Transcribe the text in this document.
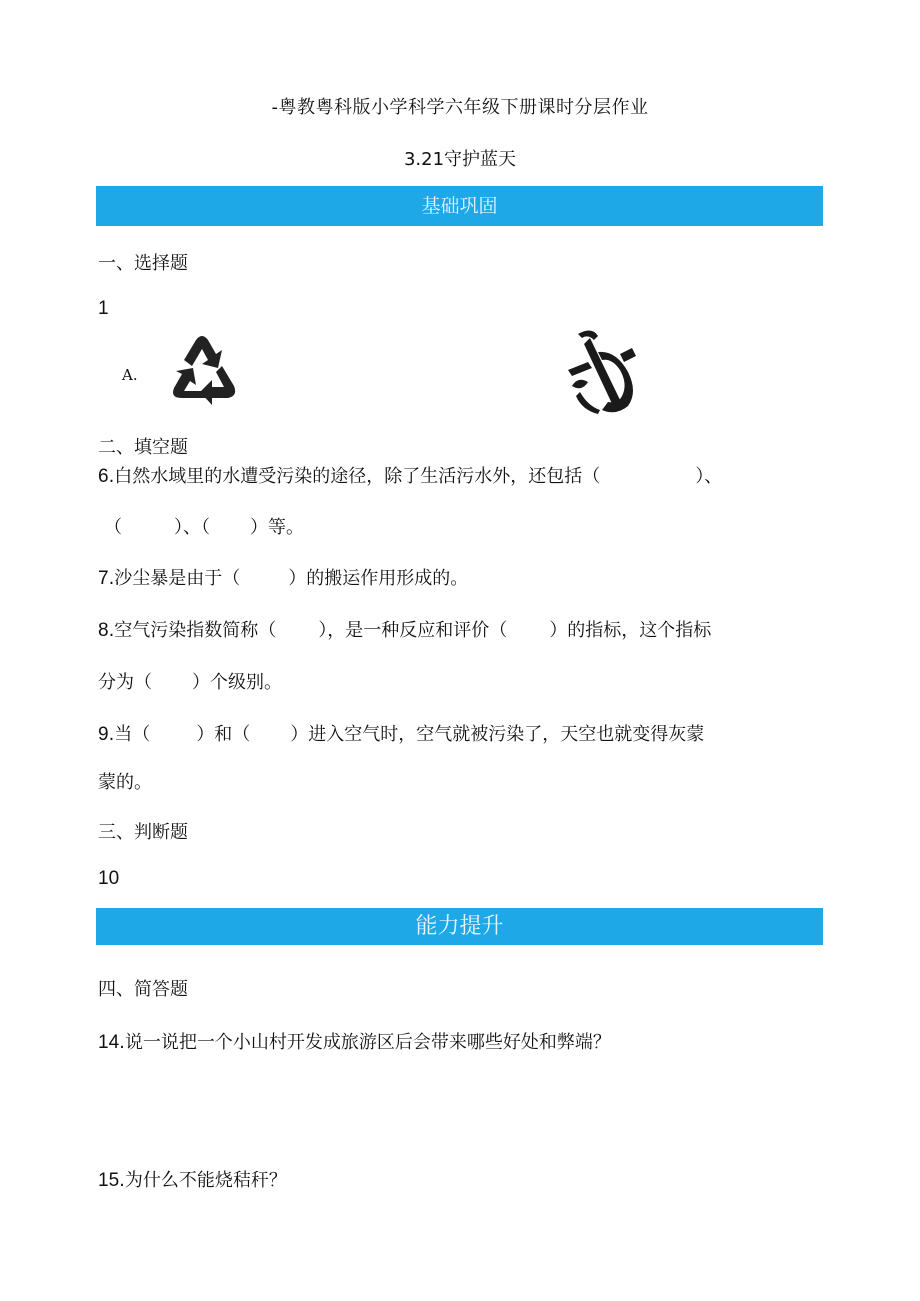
-粤教粤科版小学科学六年级下册课时分层作业
3.21守护蓝天
基础巩固
一、选择题
1
A.
二、填空题
6.白然水域里的水遭受污染的途径，除了生活污水外，还包括（	）、
（	）、（ ）等。
7.沙尘暴是由于（	）的搬运作用形成的。
8.空气污染指数简称（ ），是一种反应和评价（ ）的指标，这个指标
分为（ ）个级别。
9.当（	）和（ ）进入空气时，空气就被污染了，天空也就变得灰蒙
蒙的。
三、判断题
10
能力提升
四、简答题
14.说一说把一个小山村开发成旅游区后会带来哪些好处和弊端？
15.为什么不能烧秸秆？
